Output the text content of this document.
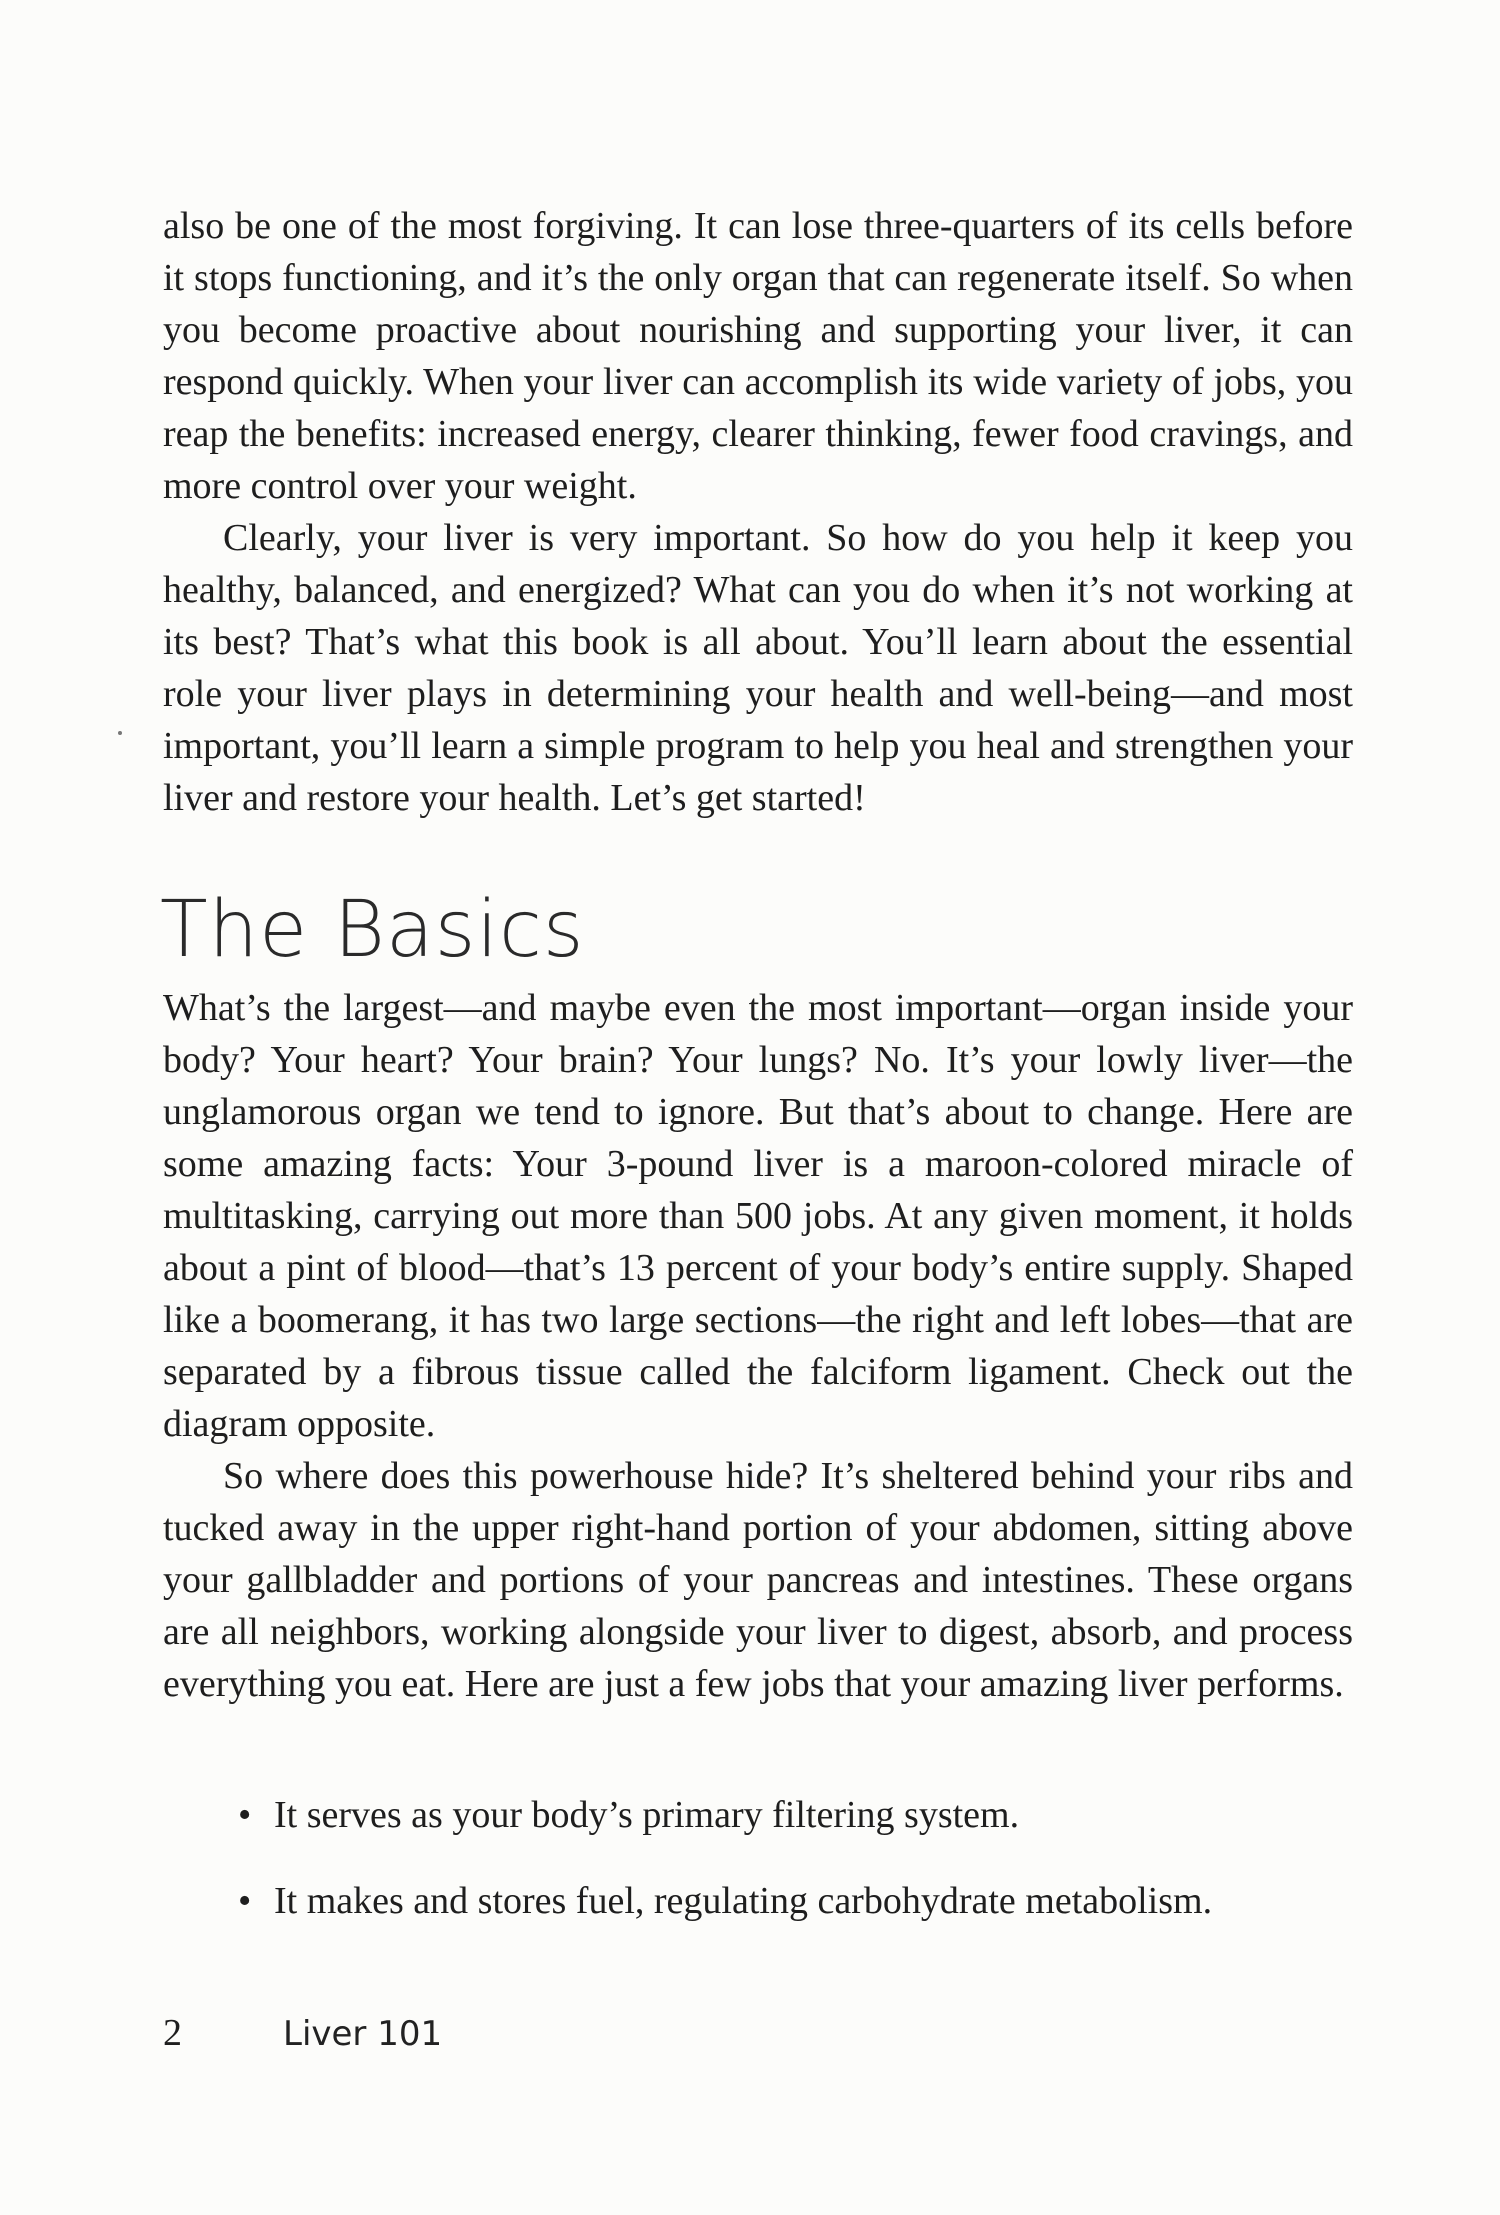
also be one of the most forgiving. It can lose three-quarters of its cells before it stops functioning, and it’s the only organ that can regenerate itself. So when you become proactive about nourishing and supporting your liver, it can respond quickly. When your liver can accomplish its wide variety of jobs, you reap the benefits: increased energy, clearer thinking, fewer food cravings, and more control over your weight.

Clearly, your liver is very important. So how do you help it keep you healthy, balanced, and energized? What can you do when it’s not working at its best? That’s what this book is all about. You’ll learn about the essential role your liver plays in determining your health and well-being—and most important, you’ll learn a simple program to help you heal and strengthen your liver and restore your health. Let’s get started!

The Basics

What’s the largest—and maybe even the most important—organ inside your body? Your heart? Your brain? Your lungs? No. It’s your lowly liver—the unglamorous organ we tend to ignore. But that’s about to change. Here are some amazing facts: Your 3-pound liver is a maroon-colored miracle of multitasking, carrying out more than 500 jobs. At any given moment, it holds about a pint of blood—that’s 13 percent of your body’s entire supply. Shaped like a boomerang, it has two large sections—the right and left lobes—that are separated by a fibrous tissue called the falciform ligament. Check out the diagram opposite.

So where does this powerhouse hide? It’s sheltered behind your ribs and tucked away in the upper right-hand portion of your abdomen, sitting above your gallbladder and portions of your pancreas and intestines. These organs are all neighbors, working alongside your liver to digest, absorb, and process everything you eat. Here are just a few jobs that your amazing liver performs.

• It serves as your body’s primary filtering system.
• It makes and stores fuel, regulating carbohydrate metabolism.
2	Liver 101
